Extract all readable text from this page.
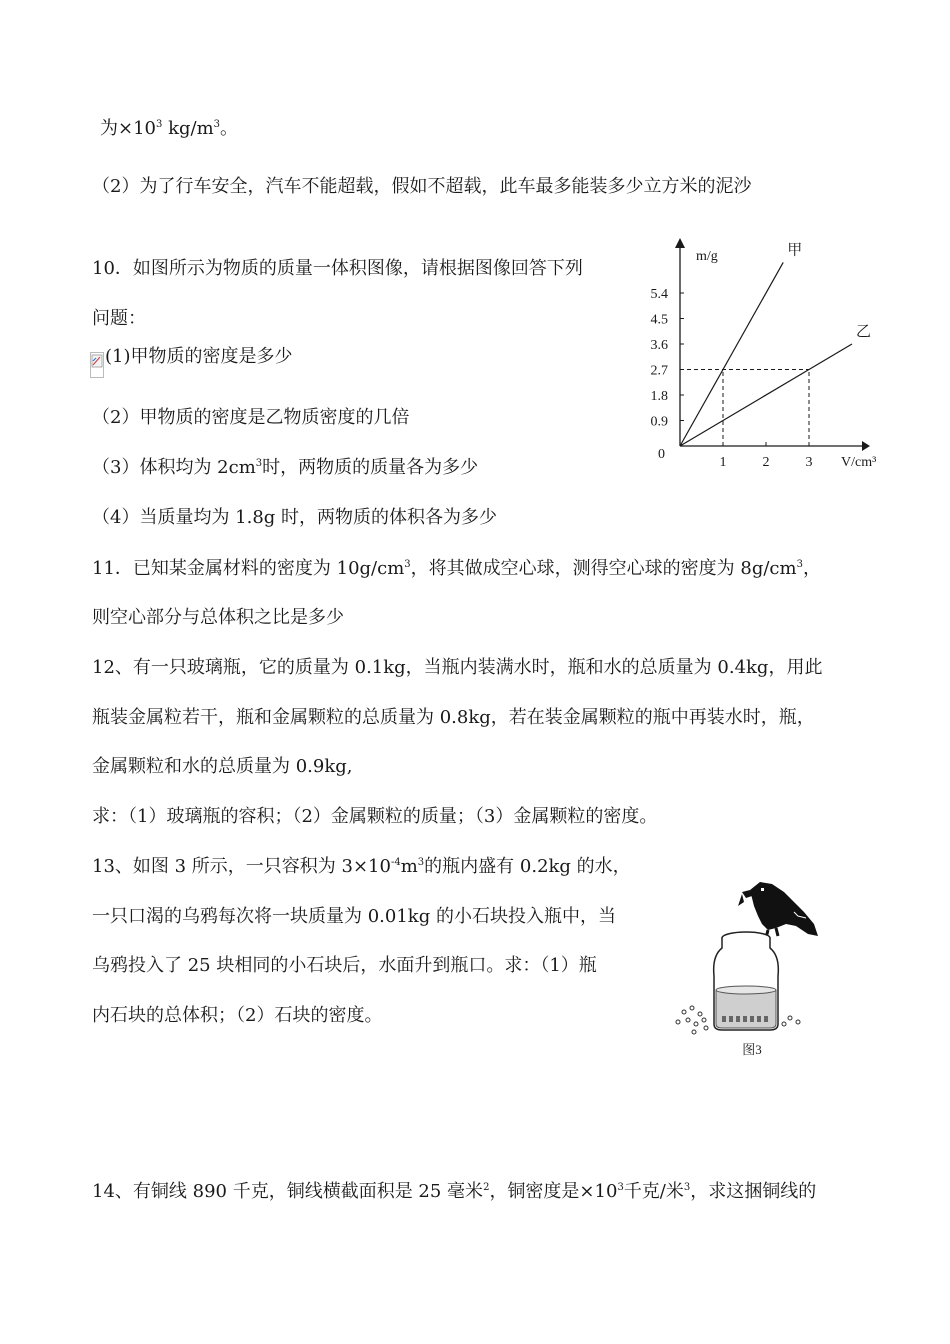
为$\times 10^3$ $kg/m^3$。
（2）为了行车安全，汽车不能超载，假如不超载，此车最多能装多少立方米的泥沙
10．如图所示为物质的质量一体积图像，请根据图像回答下列
问题：
(1)甲物质的密度是多少
（2）甲物质的密度是乙物质密度的几倍
（3）体积均为 $2cm^3$时，两物质的质量各为多少
（4）当质量均为 1.8g 时，两物质的体积各为多少
甲
乙
0.9
1.8
2.7
3.6
4.5
5.4
1	2	3
0
m/g
V/cm³
11．已知某金属材料的密度为 $10g/cm^3$，将其做成空心球，测得空心球的密度为 $8g/cm^3$，
则空心部分与总体积之比是多少
12、有一只玻璃瓶，它的质量为 0.1kg，当瓶内装满水时，瓶和水的总质量为 0.4kg，用此
瓶装金属粒若干，瓶和金属颗粒的总质量为 0.8kg，若在装金属颗粒的瓶中再装水时，瓶，
金属颗粒和水的总质量为 0.9kg,
求：（1）玻璃瓶的容积；（2）金属颗粒的质量；（3）金属颗粒的密度。
13、如图 3 所示，一只容积为 $3\times 10^{-4}m^3$的瓶内盛有 0.2kg 的水，
一只口渴的乌鸦每次将一块质量为 0.01kg 的小石块投入瓶中，当
乌鸦投入了 25 块相同的小石块后，水面升到瓶口。求：（1）瓶
内石块的总体积；（2）石块的密度。
图3
14、有铜线 890 千克，铜线横截面积是 25 毫米$^2$，铜密度是$\times 10^3$千克/米$^3$，求这捆铜线的
